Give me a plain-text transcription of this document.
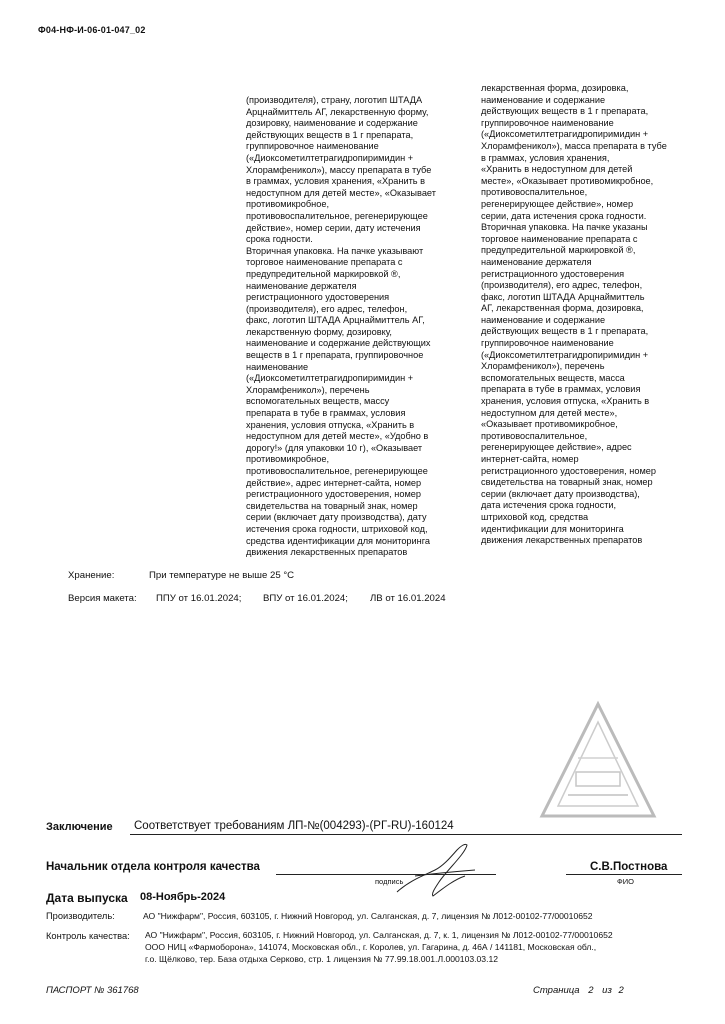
Ф04-НФ-И-06-01-047_02
(производителя), страну, логотип ШТАДА
Арцнаймиттель АГ, лекарственную форму,
дозировку, наименование и содержание
действующих веществ в 1 г препарата,
группировочное наименование
(«Диоксометилтетрагидропиримидин +
Хлорамфеникол»), массу препарата в тубе
в граммах, условия хранения, «Хранить в
недоступном для детей месте», «Оказывает
противомикробное,
противовоспалительное, регенерирующее
действие», номер серии, дату истечения
срока годности.
Вторичная упаковка. На пачке указывают
торговое наименование препарата с
предупредительной маркировкой ®,
наименование держателя
регистрационного удостоверения
(производителя), его адрес, телефон,
факс, логотип ШТАДА Арцнаймиттель АГ,
лекарственную форму, дозировку,
наименование и содержание действующих
веществ в 1 г препарата, группировочное
наименование
(«Диоксометилтетрагидропиримидин +
Хлорамфеникол»), перечень
вспомогательных веществ, массу
препарата в тубе в граммах, условия
хранения, условия отпуска, «Хранить в
недоступном для детей месте», «Удобно в
дорогу!» (для упаковки 10 г), «Оказывает
противомикробное,
противовоспалительное, регенерирующее
действие», адрес интернет-сайта, номер
регистрационного удостоверения, номер
свидетельства на товарный знак, номер
серии (включает дату производства), дату
истечения срока годности, штриховой код,
средства идентификации для мониторинга
движения лекарственных препаратов
лекарственная форма, дозировка,
наименование и содержание
действующих веществ в 1 г препарата,
группировочное наименование
(«Диоксометилтетрагидропиримидин +
Хлорамфеникол»), масса препарата в тубе
в граммах, условия хранения,
«Хранить в недоступном для детей
месте», «Оказывает противомикробное,
противовоспалительное,
регенерирующее действие», номер
серии, дата истечения срока годности.
Вторичная упаковка. На пачке указаны
торговое наименование препарата с
предупредительной маркировкой ®,
наименование держателя
регистрационного удостоверения
(производителя), его адрес, телефон,
факс, логотип ШТАДА Арцнаймиттель
АГ, лекарственная форма, дозировка,
наименование и содержание
действующих веществ в 1 г препарата,
группировочное наименование
(«Диоксометилтетрагидропиримидин +
Хлорамфеникол»), перечень
вспомогательных веществ, масса
препарата в тубе в граммах, условия
хранения, условия отпуска, «Хранить в
недоступном для детей месте»,
«Оказывает противомикробное,
противовоспалительное,
регенерирующее действие», адрес
интернет-сайта, номер
регистрационного удостоверения, номер
свидетельства на товарный знак, номер
серии (включает дату производства),
дата истечения срока годности,
штриховой код, средства
идентификации для мониторинга
движения лекарственных препаратов
Хранение:	При температуре не выше 25 °С
Версия макета: ППУ от 16.01.2024; ВПУ от 16.01.2024; ЛВ от 16.01.2024
Заключение Соответствует требованиям ЛП-№(004293)-(РГ-RU)-160124
Начальник отдела контроля качества
подпись
С.В.Постнова
ФИО
Дата выпуска 08-Ноябрь-2024
Производитель:	АО "Нижфарм", Россия, 603105, г. Нижний Новгород, ул. Салганская, д. 7, лицензия № Л012-00102-77/00010652
Контроль качества: АО "Нижфарм", Россия, 603105, г. Нижний Новгород, ул. Салганская, д. 7, к. 1, лицензия № Л012-00102-77/00010652
ООО НИЦ «Фармоборона», 141074, Московская обл., г. Королев, ул. Гагарина, д. 46А / 141181, Московская обл.,
г.о. Щёлково, тер. База отдыха Серково, стр. 1 лицензия № 77.99.18.001.Л.000103.03.12
ПАСПОРТ № 361768	Страница 2 из 2
